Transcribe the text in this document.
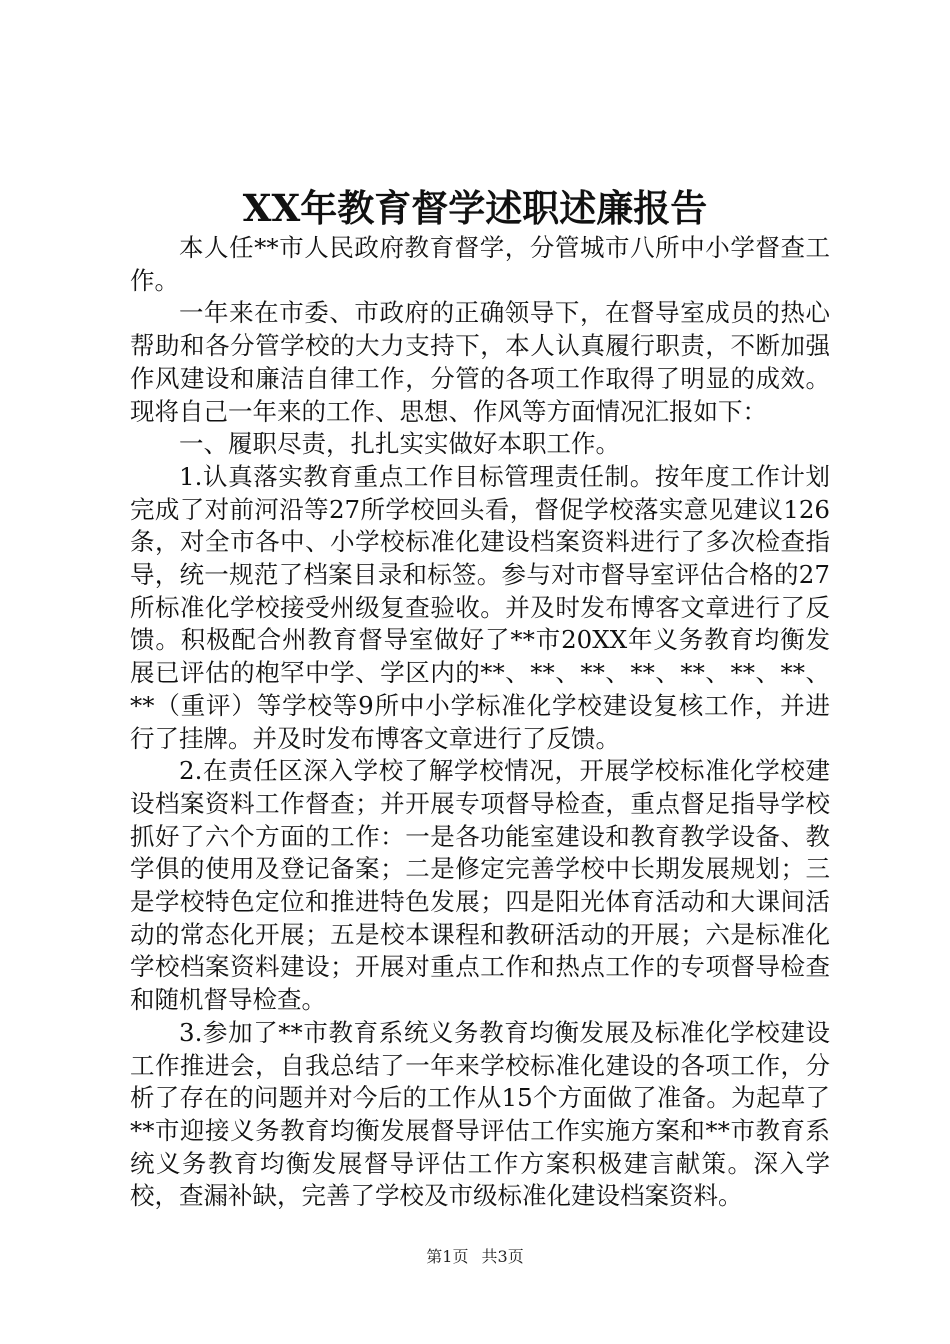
XX年教育督学述职述廉报告

本人任**市人民政府教育督学，分管城市八所中小学督查工作。

一年来在市委、市政府的正确领导下，在督导室成员的热心帮助和各分管学校的大力支持下，本人认真履行职责，不断加强作风建设和廉洁自律工作，分管的各项工作取得了明显的成效。现将自己一年来的工作、思想、作风等方面情况汇报如下：

一、履职尽责，扎扎实实做好本职工作。

1.认真落实教育重点工作目标管理责任制。按年度工作计划完成了对前河沿等27所学校回头看，督促学校落实意见建议126条，对全市各中、小学校标准化建设档案资料进行了多次检查指导，统一规范了档案目录和标签。参与对市督导室评估合格的27所标准化学校接受州级复查验收。并及时发布博客文章进行了反馈。积极配合州教育督导室做好了**市20XX年义务教育均衡发展已评估的枹罕中学、学区内的**、**、**、**、**、**、**、**（重评）等学校等9所中小学标准化学校建设复核工作，并进行了挂牌。并及时发布博客文章进行了反馈。

2.在责任区深入学校了解学校情况，开展学校标准化学校建设档案资料工作督查；并开展专项督导检查，重点督足指导学校抓好了六个方面的工作：一是各功能室建设和教育教学设备、教学俱的使用及登记备案；二是修定完善学校中长期发展规划；三是学校特色定位和推进特色发展；四是阳光体育活动和大课间活动的常态化开展；五是校本课程和教研活动的开展；六是标准化学校档案资料建设；开展对重点工作和热点工作的专项督导检查和随机督导检查。

3.参加了**市教育系统义务教育均衡发展及标准化学校建设工作推进会，自我总结了一年来学校标准化建设的各项工作，分析了存在的问题并对今后的工作从15个方面做了准备。为起草了**市迎接义务教育均衡发展督导评估工作实施方案和**市教育系统义务教育均衡发展督导评估工作方案积极建言献策。深入学校，查漏补缺，完善了学校及市级标准化建设档案资料。

第1页 共3页
